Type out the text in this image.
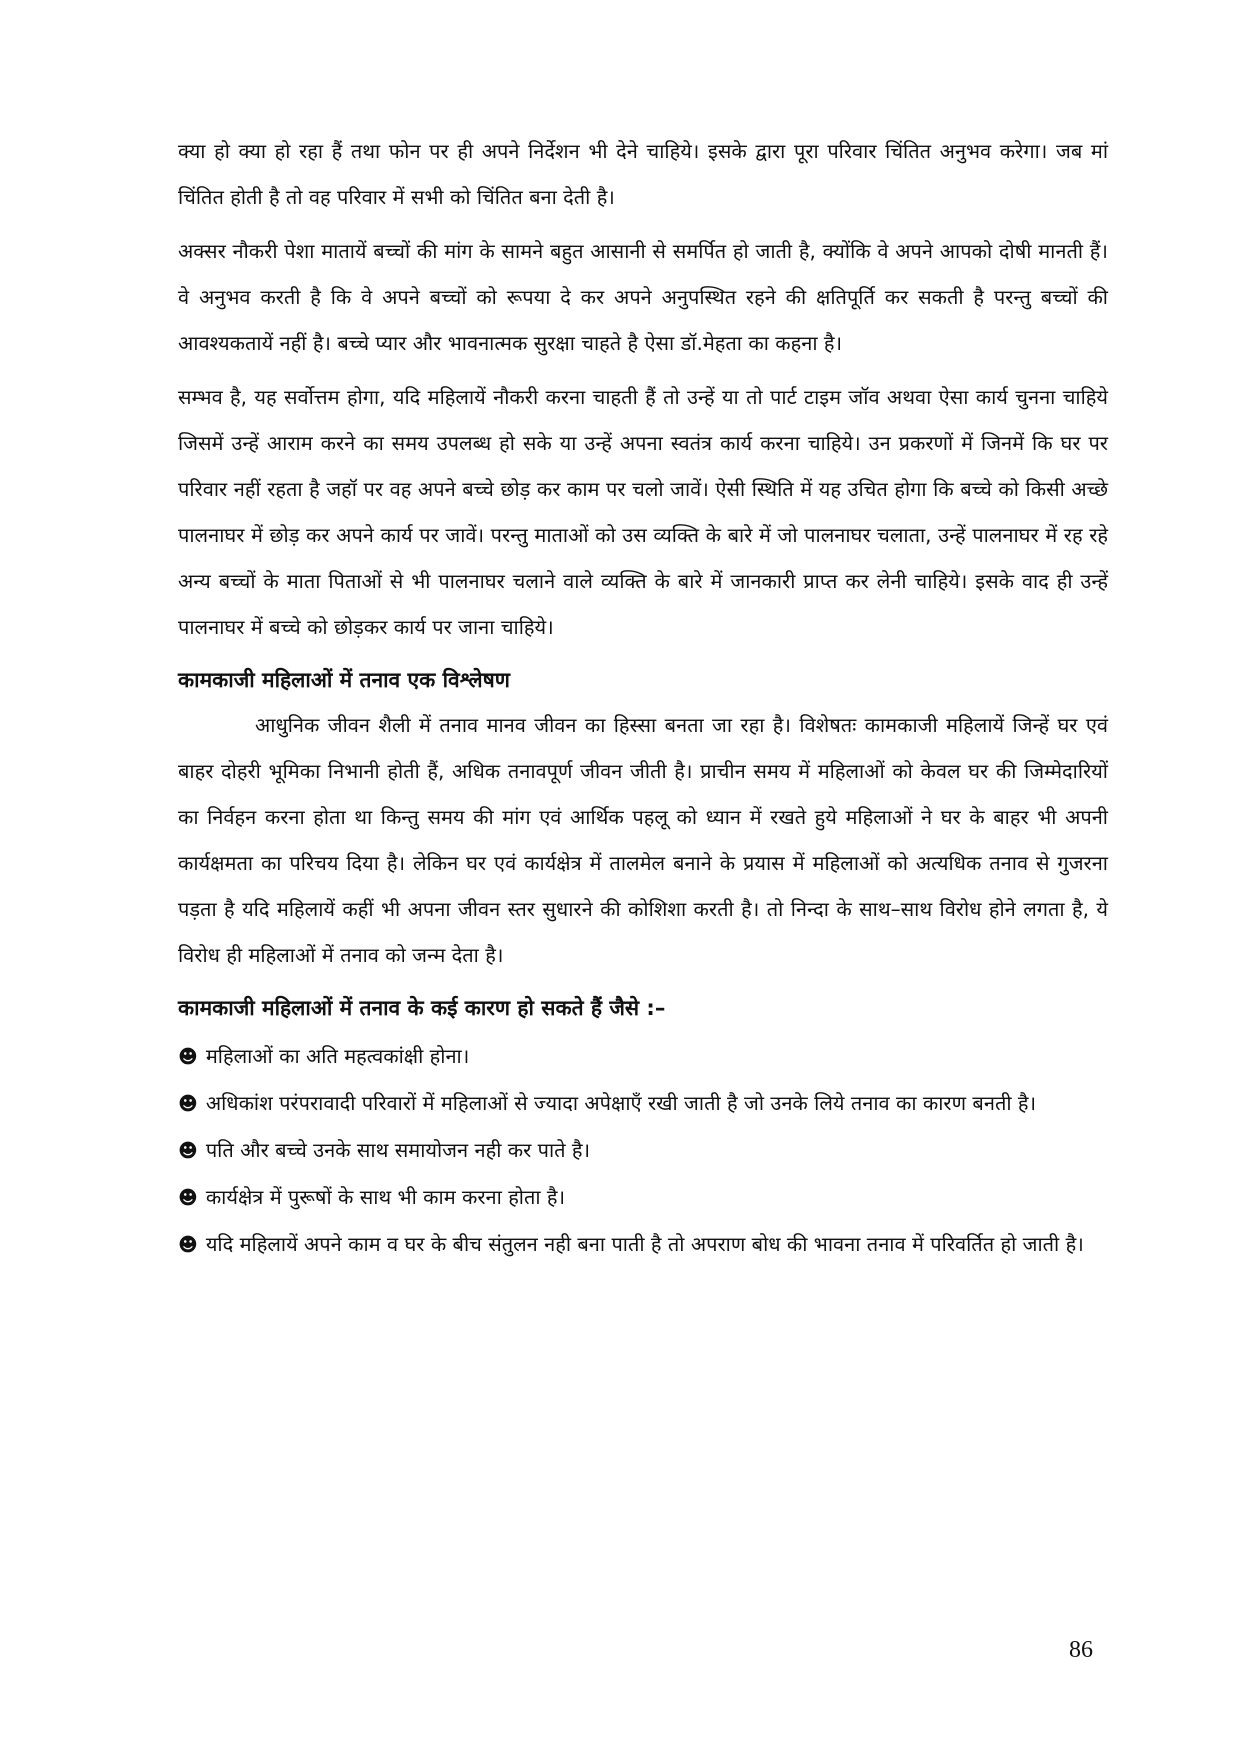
क्या हो क्या हो रहा हैं तथा फोन पर ही अपने निर्देशन भी देने चाहिये। इसके द्वारा पूरा परिवार चिंतित अनुभव करेगा। जब मां चिंतित होती है तो वह परिवार में सभी को चिंतित बना देती है।

अक्सर नौकरी पेशा मातायें बच्चों की मांग के सामने बहुत आसानी से समर्पित हो जाती है, क्योंकि वे अपने आपको दोषी मानती हैं। वे अनुभव करती है कि वे अपने बच्चों को रूपया दे कर अपने अनुपस्थित रहने की क्षतिपूर्ति कर सकती है परन्तु बच्चों की आवश्यकतायें नहीं है। बच्चे प्यार और भावनात्मक सुरक्षा चाहते है ऐसा डॉ.मेहता का कहना है।

सम्भव है, यह सर्वोत्तम होगा, यदि महिलायें नौकरी करना चाहती हैं तो उन्हें या तो पार्ट टाइम जॉव अथवा ऐसा कार्य चुनना चाहिये जिसमें उन्हें आराम करने का समय उपलब्ध हो सके या उन्हें अपना स्वतंत्र कार्य करना चाहिये। उन प्रकरणों में जिनमें कि घर पर परिवार नहीं रहता है जहॉ पर वह अपने बच्चे छोड़ कर काम पर चलो जावें। ऐसी स्थिति में यह उचित होगा कि बच्चे को किसी अच्छे पालनाघर में छोड़ कर अपने कार्य पर जावें। परन्तु माताओं को उस व्यक्ति के बारे में जो पालनाघर चलाता, उन्हें पालनाघर में रह रहे अन्य बच्चों के माता पिताओं से भी पालनाघर चलाने वाले व्यक्ति के बारे में जानकारी प्राप्त कर लेनी चाहिये। इसके वाद ही उन्हें पालनाघर में बच्चे को छोड़कर कार्य पर जाना चाहिये।

कामकाजी महिलाओं में तनाव एक विश्लेषण

आधुनिक जीवन शैली में तनाव मानव जीवन का हिस्सा बनता जा रहा है। विशेषतः कामकाजी महिलायें जिन्हें घर एवं बाहर दोहरी भूमिका निभानी होती हैं, अधिक तनावपूर्ण जीवन जीती है। प्राचीन समय में महिलाओं को केवल घर की जिम्मेदारियों का निर्वहन करना होता था किन्तु समय की मांग एवं आर्थिक पहलू को ध्यान में रखते हुये महिलाओं ने घर के बाहर भी अपनी कार्यक्षमता का परिचय दिया है। लेकिन घर एवं कार्यक्षेत्र में तालमेल बनाने के प्रयास में महिलाओं को अत्यधिक तनाव से गुजरना पड़ता है यदि महिलायें कहीं भी अपना जीवन स्तर सुधारने की कोशिशा करती है। तो निन्दा के साथ–साथ विरोध होने लगता है, ये विरोध ही महिलाओं में तनाव को जन्म देता है।

कामकाजी महिलाओं में तनाव के कई कारण हो सकते हैं जैसे :–
☻ महिलाओं का अति महत्वकांक्षी होना।
☻ अधिकांश परंपरावादी परिवारों में महिलाओं से ज्यादा अपेक्षाएँ रखी जाती है जो उनके लिये तनाव का कारण बनती है।
☻ पति और बच्चे उनके साथ समायोजन नही कर पाते है।
☻ कार्यक्षेत्र में पुरूषों के साथ भी काम करना होता है।
☻ यदि महिलायें अपने काम व घर के बीच संतुलन नही बना पाती है तो अपराण बोध की भावना तनाव में परिवर्तित हो जाती है।
86
